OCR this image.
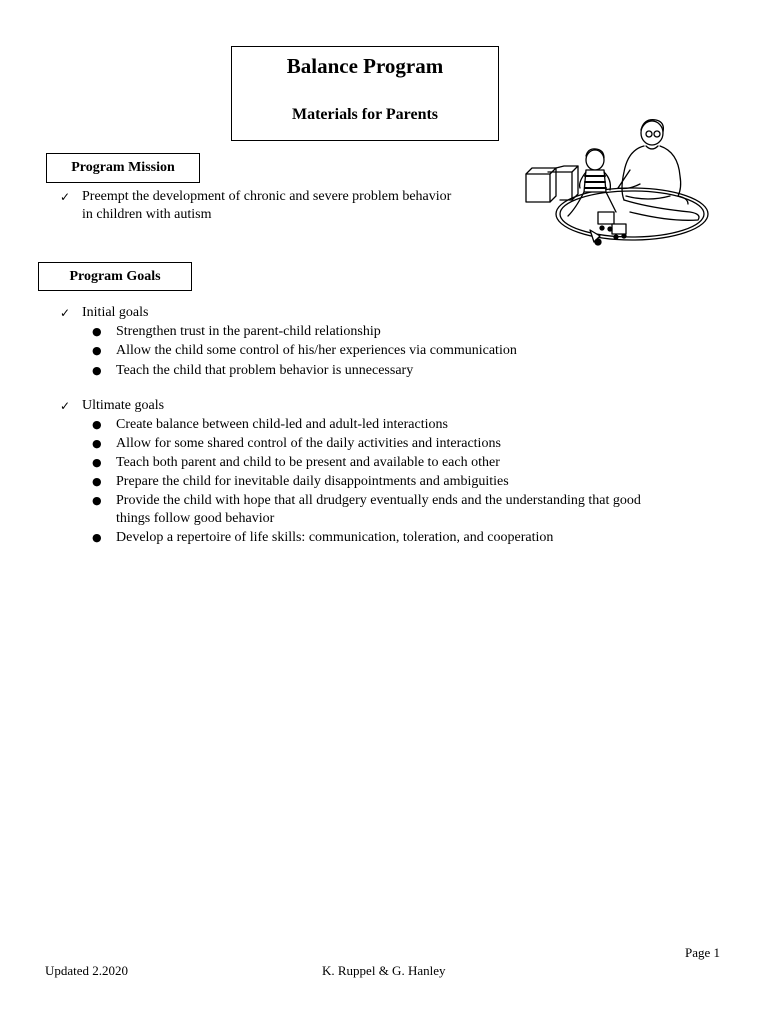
Balance Program
Materials for Parents
Program Mission
✓ Preempt the development of chronic and severe problem behavior
in children with autism
Program Goals
✓ Initial goals
● Strengthen trust in the parent-child relationship
● Allow the child some control of his/her experiences via communication
● Teach the child that problem behavior is unnecessary
✓ Ultimate goals
● Create balance between child-led and adult-led interactions
● Allow for some shared control of the daily activities and interactions
● Teach both parent and child to be present and available to each other
● Prepare the child for inevitable daily disappointments and ambiguities
● Provide the child with hope that all drudgery eventually ends and the understanding that good
things follow good behavior
● Develop a repertoire of life skills: communication, toleration, and cooperation
Page 1
Updated 2.2020	K. Ruppel & G. Hanley
